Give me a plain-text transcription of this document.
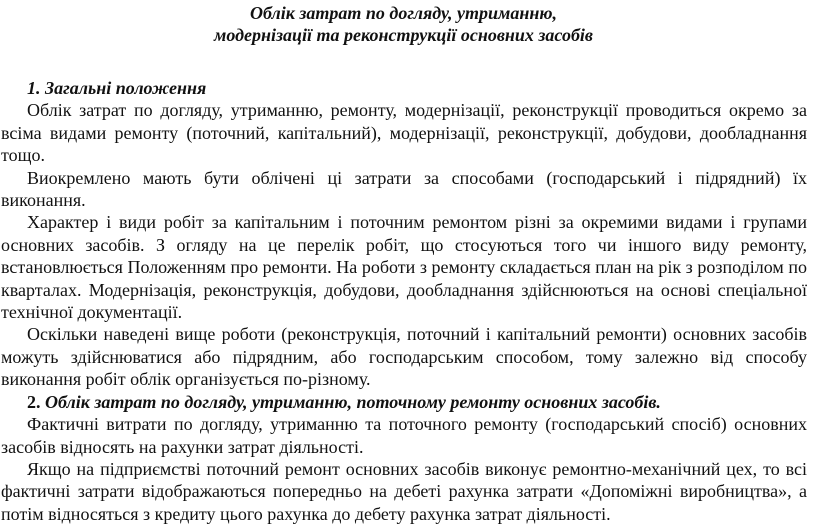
Облік затрат по догляду, утриманню,
модернізації та реконструкції основних засобів

1. Загальні положення

Облік затрат по догляду, утриманню, ремонту, модернізації, реконструкції проводиться окремо за всіма видами ремонту (поточний, капітальний), модернізації, реконструкції, добудови, дообладнання тощо.

Виокремлено мають бути облічені ці затрати за способами (господарський і підрядний) їх виконання.

Характер і види робіт за капітальним і поточним ремонтом різні за окремими видами і групами основних засобів. З огляду на це перелік робіт, що стосуються того чи іншого виду ремонту, встановлюється Положенням про ремонти. На роботи з ремонту складається план на рік з розподілом по кварталах. Модернізація, реконструкція, добудови, дообладнання здійснюються на основі спеціальної технічної документації.

Оскільки наведені вище роботи (реконструкція, поточний і капітальний ремонти) основних засобів можуть здійснюватися або підрядним, або господарським способом, тому залежно від способу виконання робіт облік організується по-різному.

2. Облік затрат по догляду, утриманню, поточному ремонту основних засобів.

Фактичні витрати по догляду, утриманню та поточного ремонту (господарський спосіб) основних засобів відносять на рахунки затрат діяльності.

Якщо на підприємстві поточний ремонт основних засобів виконує ремонтно-механічний цех, то всі фактичні затрати відображаються попередньо на дебеті рахунка затрати «Допоміжні виробництва», а потім відносяться з кредиту цього рахунка до дебету рахунка затрат діяльності.
